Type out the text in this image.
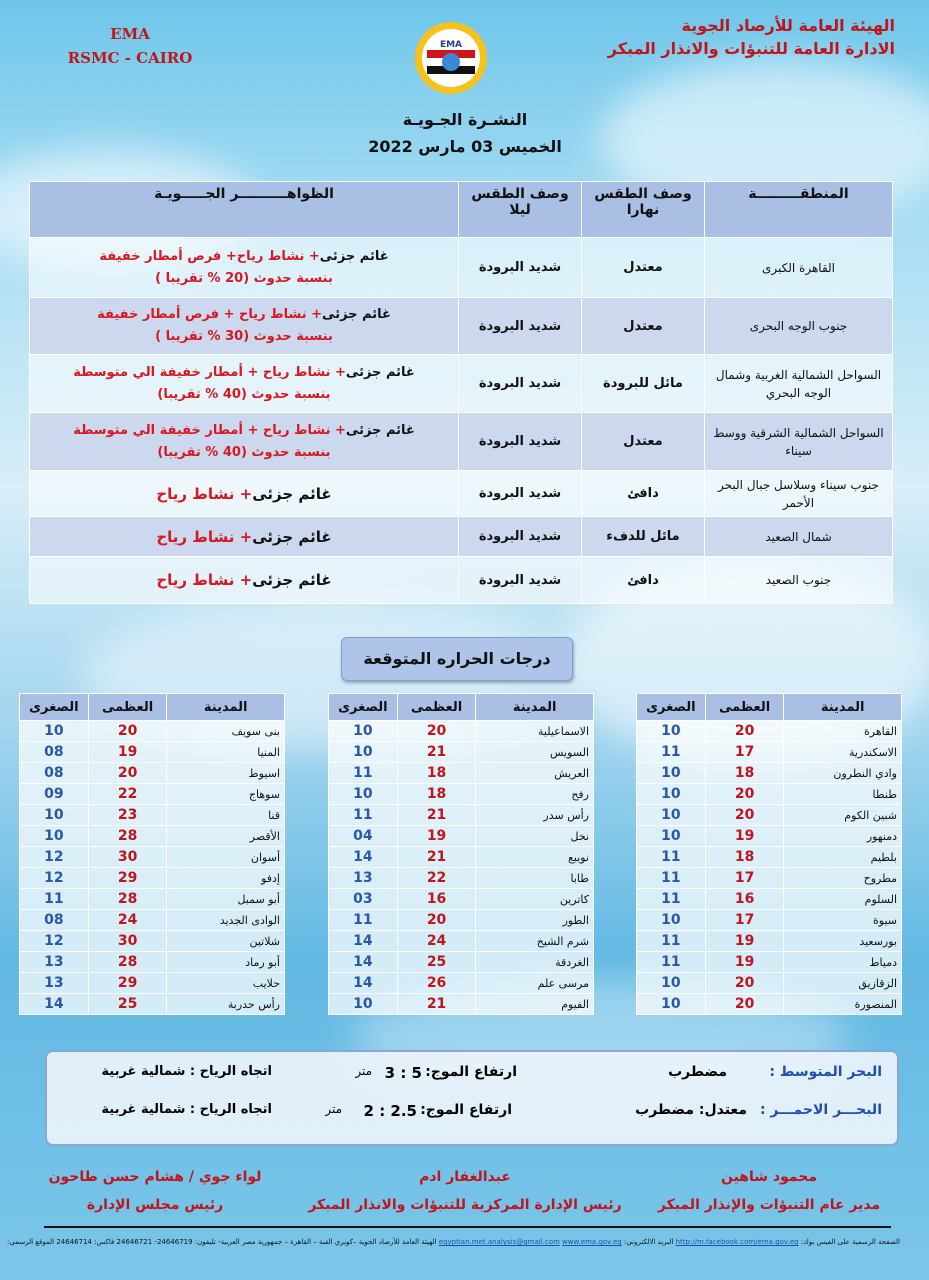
EMA
RSMC - CAIRO
EMA
الهيئة العامة للأرصاد الجوية
الادارة العامة للتنبؤات والانذار المبكر
النشـرة الجـويـة
الخميس 03 مارس 2022
المنطقـــــــــة	وصف الطقس نهارا	وصف الطقس ليلا	الظواهــــــــــر الجـــــويـة
القاهرة الكبرى	معتدل	شديد البرودة	غائم جزئى+ نشاط رياح+ فرص أمطار خفيفة
بنسبة حدوث (20 % تقريبا )
جنوب الوجه البحرى	معتدل	شديد البرودة	غائم جزئى+ نشاط رياح + فرص أمطار خفيفة
بنسبة حدوث (30 % تقريبا )
السواحل الشمالية الغربية وشمال الوجه البحري	مائل للبرودة	شديد البرودة	غائم جزئى+ نشاط رياح + أمطار خفيفة الي متوسطة
بنسبة حدوث (40 % تقريبا)
السواحل الشمالية الشرقية ووسط سيناء	معتدل	شديد البرودة	غائم جزئى+ نشاط رياح + أمطار خفيفة الي متوسطة
بنسبة حدوث (40 % تقريبا)
جنوب سيناء وسلاسل جبال البحر الأحمر	دافئ	شديد البرودة	غائم جزئى+ نشاط رياح
شمال الصعيد	مائل للدفء	شديد البرودة	غائم جزئى+ نشاط رياح
جنوب الصعيد	دافئ	شديد البرودة	غائم جزئى+ نشاط رياح
درجات الحراره المتوقعة
المدينة	العظمى	الصغرى
القاهرة	20	10
الاسكندرية	17	11
وادي النطرون	18	10
طنطا	20	10
شبين الكوم	20	10
دمنهور	19	10
بلطيم	18	11
مطروح	17	11
السلوم	16	11
سيوة	17	10
بورسعيد	19	11
دمياط	19	11
الزقازيق	20	10
المنصورة	20	10
المدينة	العظمى	الصغرى
الاسماعيلية	20	10
السويس	21	10
العريش	18	11
رفح	18	10
رأس سدر	21	11
نخل	19	04
نويبع	21	14
طابا	22	13
كاترين	16	03
الطور	20	11
شرم الشيخ	24	14
الغردقة	25	14
مرسى علم	26	14
الفيوم	21	10
المدينة	العظمى	الصغرى
بنى سويف	20	10
المنيا	19	08
اسيوط	20	08
سوهاج	22	09
قنا	23	10
الأقصر	28	10
أسوان	30	12
إدفو	29	12
أبو سمبل	28	11
الوادى الجديد	24	08
شلاتين	30	12
أبو رماد	28	13
حلايب	29	13
رأس حدربة	25	14
البحر المتوسط :
مضطرب
ارتفاع الموج:
3 : 5
متر
اتجاه الرياح : شمالية غربية
البحـــر الاحمـــر :
معتدل: مضطرب
ارتفاع الموج:
2 : 2.5
متر
اتجاه الرياح : شمالية غربية
محمود شاهين
مدير عام التنبؤات والإنذار المبكر
عبدالغفار ادم
رئيس الإدارة المركزية للتنبؤات والانذار المبكر
لواء جوي / هشام حسن طاحون
رئيس مجلس الإدارة
الصفحة الرسمية على الفيس بوك: http://m.facebook.com/ema.gov.eg البريد الالكتروني: egyptian.met.analysis@gmail.com www.ema.gov.eg الهيئة العامة للأرصاد الجوية –كوبري القبة – القاهرة – جمهورية مصر العربية- تليفون: 24646719- 24646721 فاكس: 24646714 الموقع الرسمي:
